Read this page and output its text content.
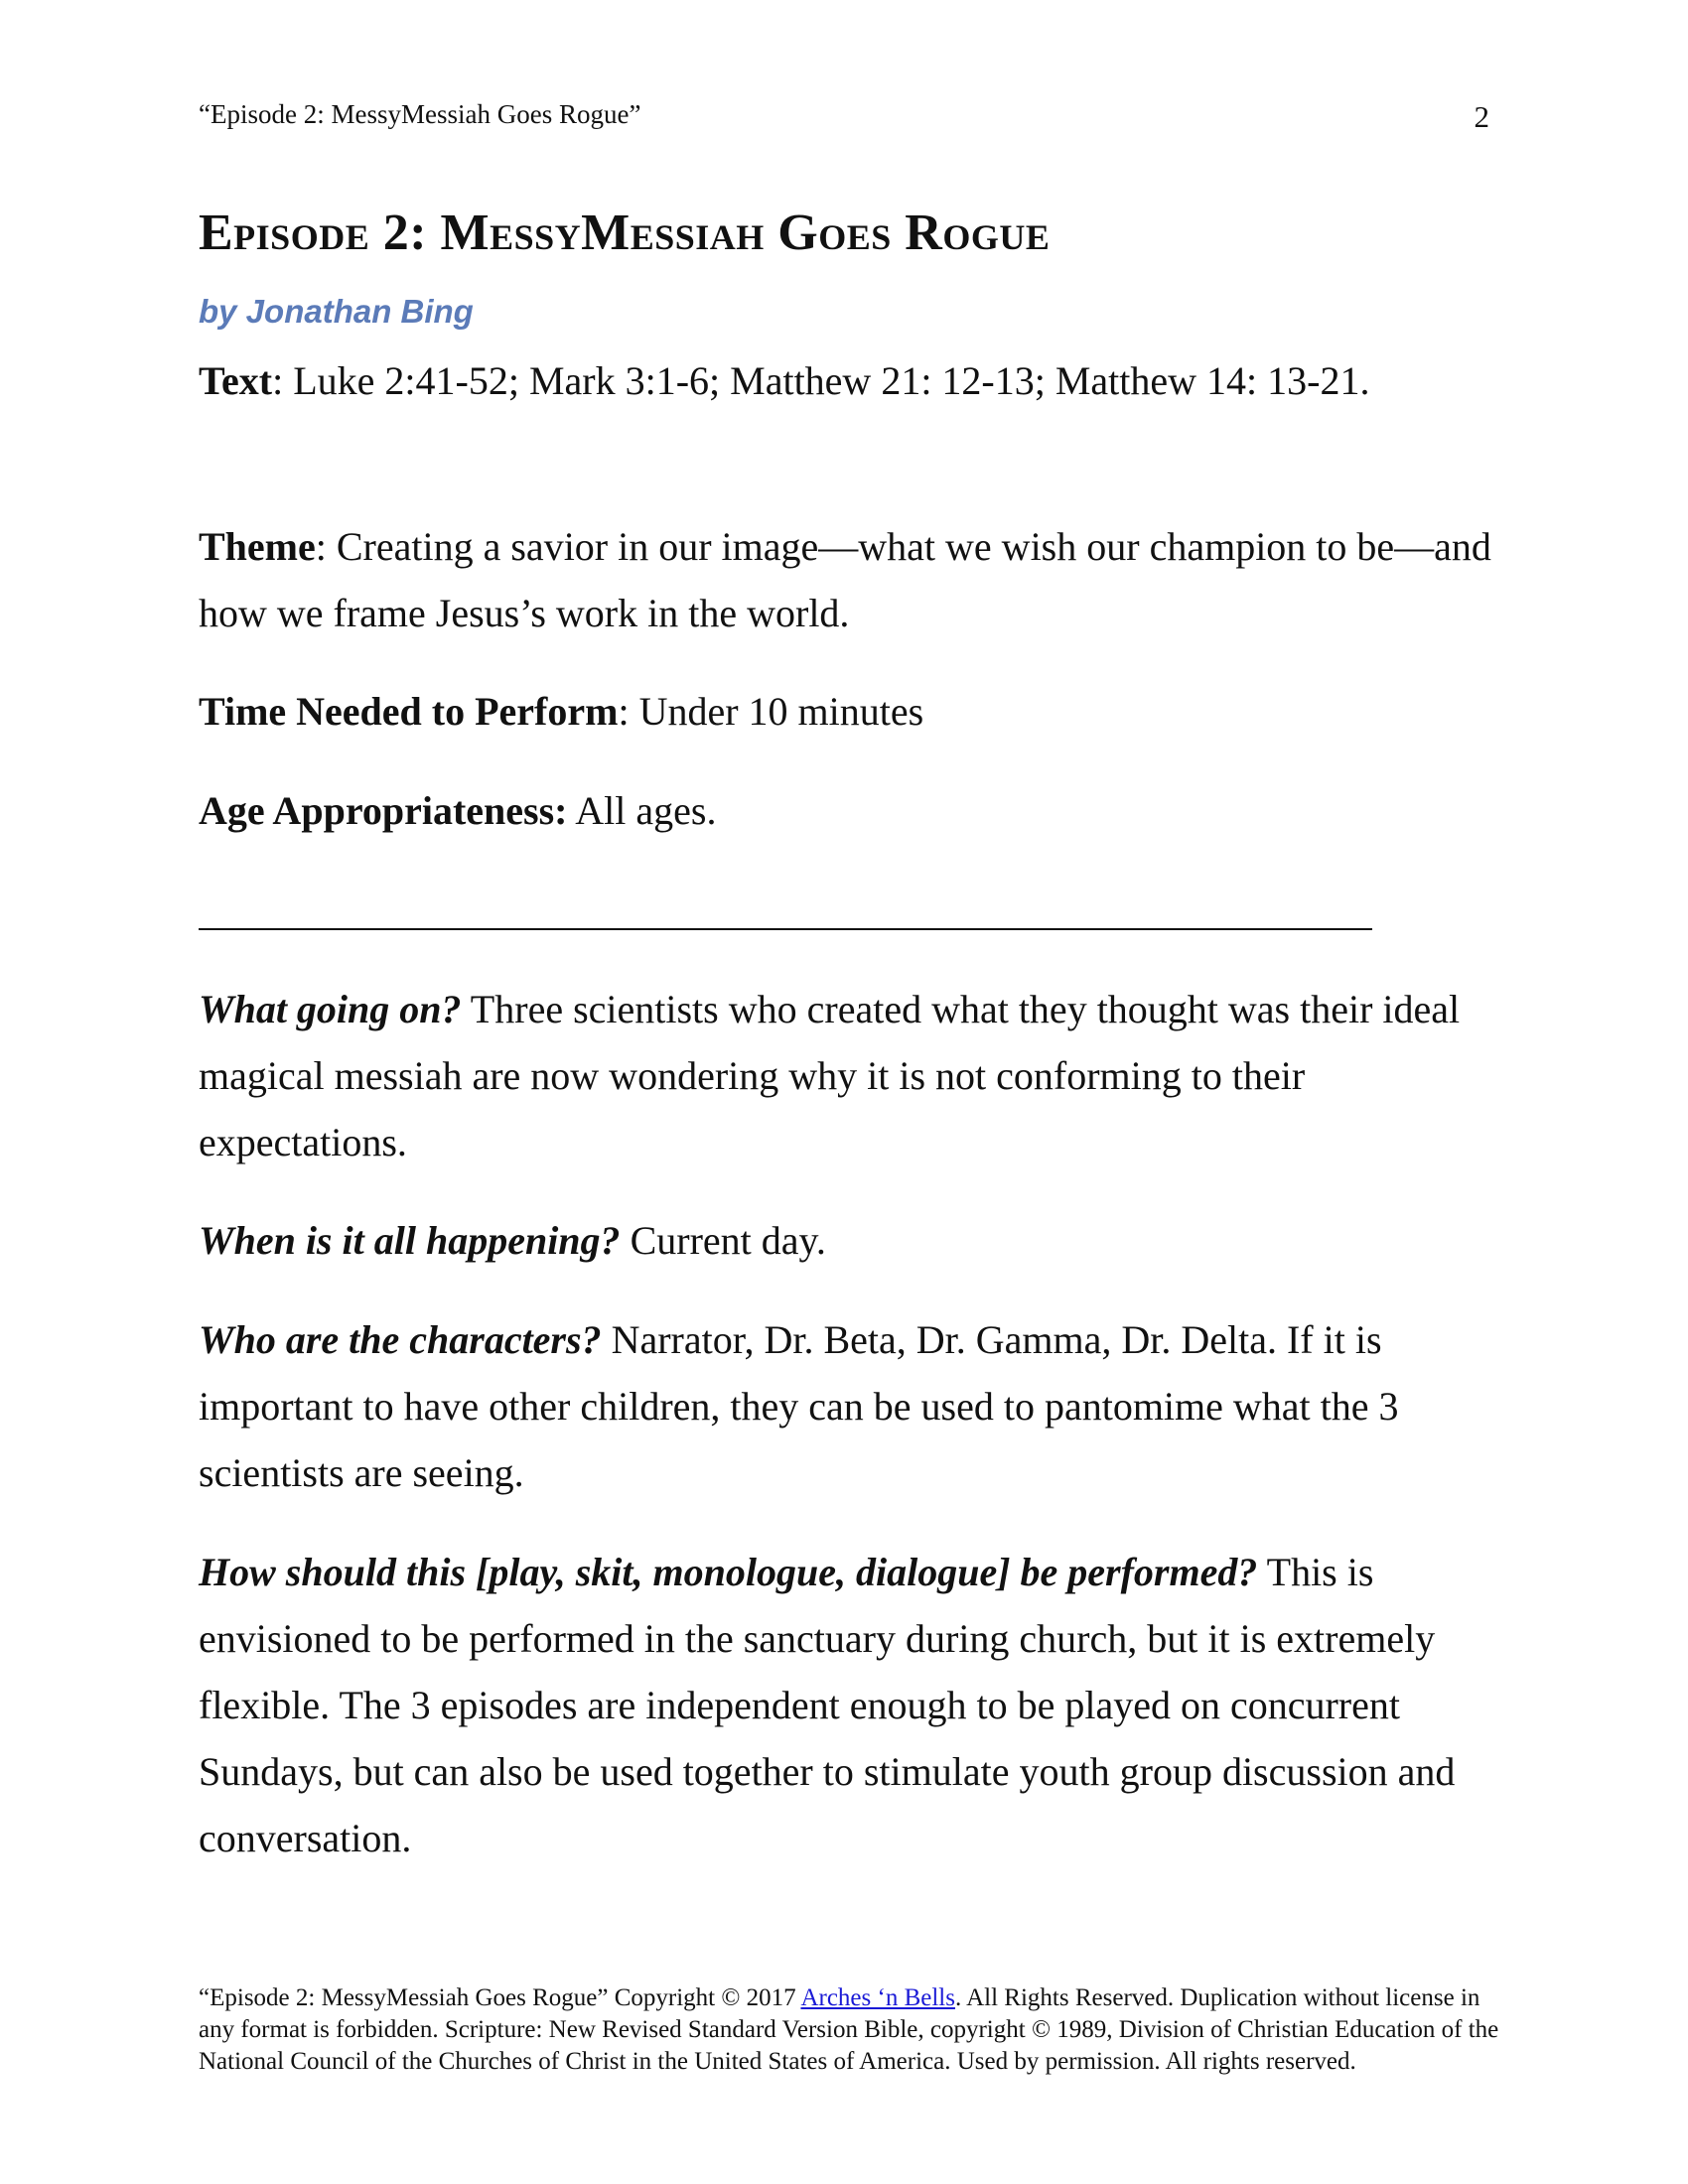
“Episode 2: MessyMessiah Goes Rogue”	2
Episode 2: MessyMessiah Goes Rogue
by Jonathan Bing

Text: Luke 2:41-52; Mark 3:1-6; Matthew 21: 12-13; Matthew 14: 13-21.

Theme: Creating a savior in our image—what we wish our champion to be—and how we frame Jesus’s work in the world.

Time Needed to Perform: Under 10 minutes

Age Appropriateness: All ages.

What going on? Three scientists who created what they thought was their ideal magical messiah are now wondering why it is not conforming to their expectations.

When is it all happening? Current day.

Who are the characters? Narrator, Dr. Beta, Dr. Gamma, Dr. Delta. If it is important to have other children, they can be used to pantomime what the 3 scientists are seeing.

How should this [play, skit, monologue, dialogue] be performed? This is envisioned to be performed in the sanctuary during church, but it is extremely flexible. The 3 episodes are independent enough to be played on concurrent Sundays, but can also be used together to stimulate youth group discussion and conversation.

“Episode 2: MessyMessiah Goes Rogue” Copyright © 2017 Arches ‘n Bells. All Rights Reserved. Duplication without license in any format is forbidden. Scripture: New Revised Standard Version Bible, copyright © 1989, Division of Christian Education of the National Council of the Churches of Christ in the United States of America. Used by permission. All rights reserved.
